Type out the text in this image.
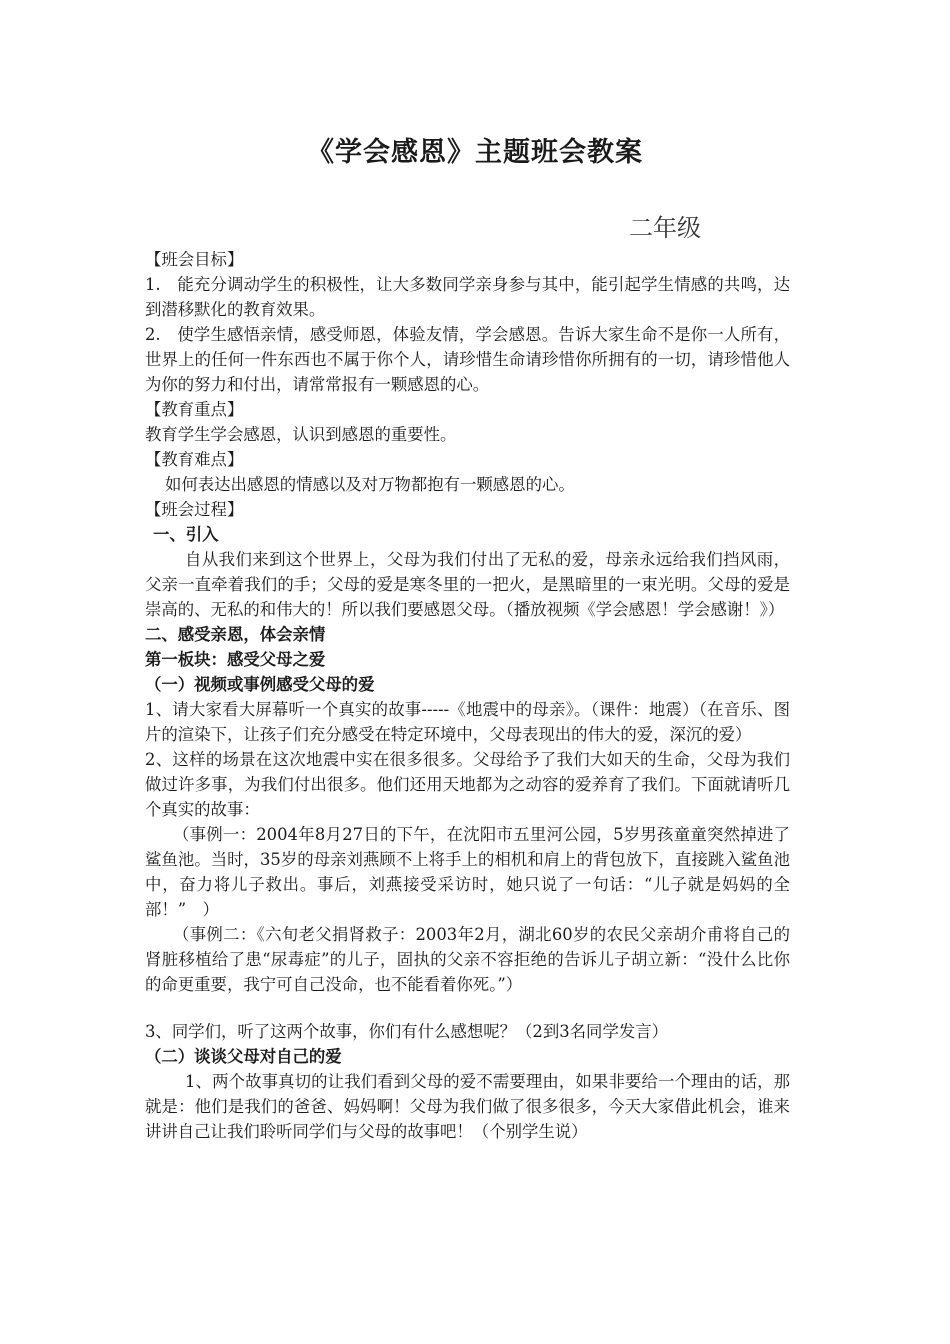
《学会感恩》主题班会教案
二年级

【班会目标】

1.　能充分调动学生的积极性，让大多数同学亲身参与其中，能引起学生情感的共鸣，达到潜移默化的教育效果。

2.　使学生感悟亲情，感受师恩，体验友情，学会感恩。告诉大家生命不是你一人所有，世界上的任何一件东西也不属于你个人，请珍惜生命请珍惜你所拥有的一切，请珍惜他人为你的努力和付出，请常常报有一颗感恩的心。

【教育重点】

教育学生学会感恩，认识到感恩的重要性。

【教育难点】

如何表达出感恩的情感以及对万物都抱有一颗感恩的心。

【班会过程】

一、引入

自从我们来到这个世界上，父母为我们付出了无私的爱，母亲永远给我们挡风雨，父亲一直牵着我们的手；父母的爱是寒冬里的一把火，是黑暗里的一束光明。父母的爱是崇高的、无私的和伟大的！所以我们要感恩父母。（播放视频《学会感恩！学会感谢！》）

二、感受亲恩，体会亲情

第一板块：感受父母之爱

（一）视频或事例感受父母的爱

1、请大家看大屏幕听一个真实的故事-----《地震中的母亲》。（课件：地震）（在音乐、图片的渲染下，让孩子们充分感受在特定环境中，父母表现出的伟大的爱，深沉的爱）

2、这样的场景在这次地震中实在很多很多。父母给予了我们大如天的生命，父母为我们做过许多事，为我们付出很多。他们还用天地都为之动容的爱养育了我们。下面就请听几个真实的故事：

（事例一：2004年8月27日的下午，在沈阳市五里河公园，5岁男孩童童突然掉进了鲨鱼池。当时，35岁的母亲刘燕顾不上将手上的相机和肩上的背包放下，直接跳入鲨鱼池中，奋力将儿子救出。事后，刘燕接受采访时，她只说了一句话：“儿子就是妈妈的全部！”　）

（事例二：《六旬老父捐肾救子：2003年2月，湖北60岁的农民父亲胡介甫将自己的肾脏移植给了患“尿毒症”的儿子，固执的父亲不容拒绝的告诉儿子胡立新：“没什么比你的命更重要，我宁可自己没命，也不能看着你死。”）

3、同学们，听了这两个故事，你们有什么感想呢？（2到3名同学发言）

（二）谈谈父母对自己的爱

1、两个故事真切的让我们看到父母的爱不需要理由，如果非要给一个理由的话，那就是：他们是我们的爸爸、妈妈啊！父母为我们做了很多很多，今天大家借此机会，谁来讲讲自己让我们聆听同学们与父母的故事吧！（个别学生说）
